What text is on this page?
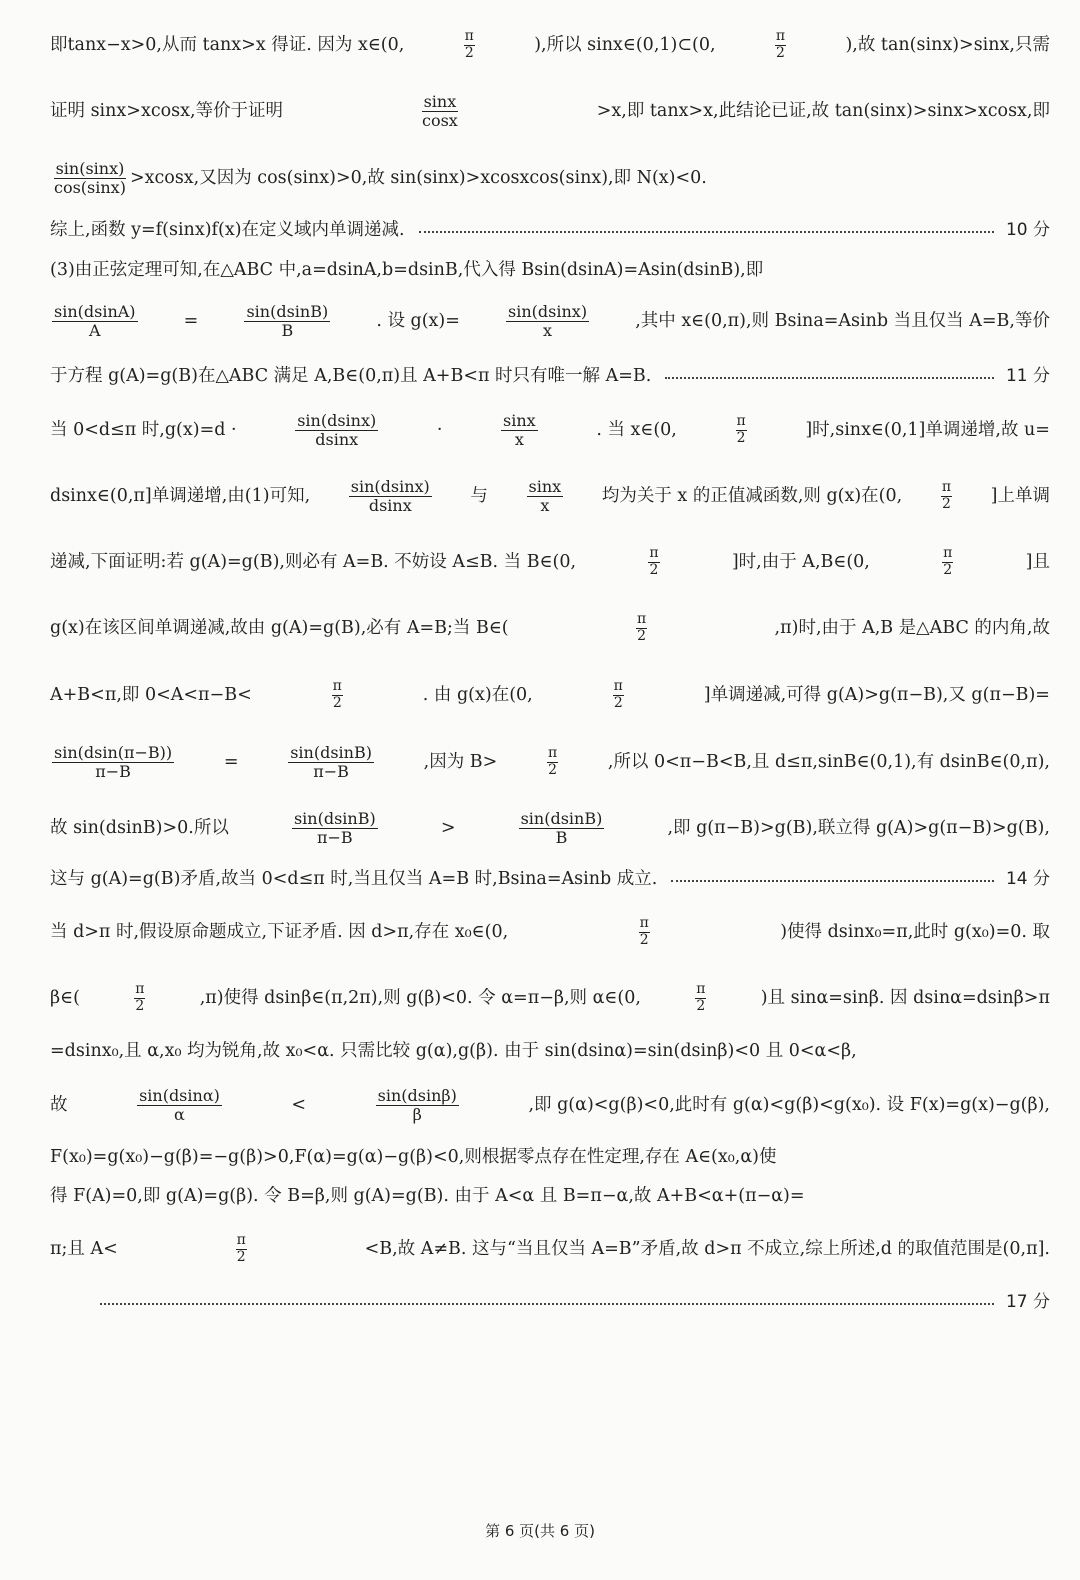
即tanx−x>0,从而 tanx>x 得证. 因为 x∈(0,	$\frac{\pi}{2}$	),所以 sinx∈(0,1)⊂(0,	$\frac{\pi}{2}$	),故 tan(sinx)>sinx,只需
证明 sinx>xcosx,等价于证明	$\frac{\sin x}{\cos x}$	>x,即 tanx>x,此结论已证,故 tan(sinx)>sinx>xcosx,即
$\frac{\sin(\sin x)}{\cos(\sin x)} >xcosx$,又因为 cos(sinx)>0,故 sin(sinx)>xcosxcos(sinx),即 N(x)<0.
综上,函数 y=f(sinx)f(x)在定义域内单调递减.	10 分
(3)由正弦定理可知,在△ABC 中,a=dsinA,b=dsinB,代入得 Bsin(dsinA)=Asin(dsinB),即
$\frac{\sin(dsinA)}{A}$	=	$\frac{\sin(dsinB)}{B}$	. 设 g(x)=	$\frac{\sin(dsinx)}{x}$	,其中 x∈(0,π),则 Bsina=Asinb 当且仅当 A=B,等价
于方程 g(A)=g(B)在△ABC 满足 A,B∈(0,π)且 A+B<π 时只有唯一解 A=B.	11 分
当 0<d≤π 时,g(x)=d ·	$\frac{\sin(dsinx)}{dsinx}$	·	$\frac{\sin x}{x}$	. 当 x∈(0,	$\frac{\pi}{2}$	]时,sinx∈(0,1]单调递增,故 u=
dsinx∈(0,π]单调递增,由(1)可知, $\frac{\sin(dsinx)}{dsinx}$ 与 $\frac{\sin x}{x}$ 均为关于 x 的正值减函数,则 g(x)在(0,	$\frac{\pi}{2}$ ]上单调
递减,下面证明:若 g(A)=g(B),则必有 A=B. 不妨设 A≤B. 当 B∈(0,	$\frac{\pi}{2}$	]时,由于 A,B∈(0,	$\frac{\pi}{2}$	]且
g(x)在该区间单调递减,故由 g(A)=g(B),必有 A=B;当 B∈(	$\frac{\pi}{2}$	,π)时,由于 A,B 是△ABC 的内角,故
A+B<π,即 0<A<π−B<	$\frac{\pi}{2}$	. 由 g(x)在(0,	$\frac{\pi}{2}$	]单调递减,可得 g(A)>g(π−B),又 g(π−B)=
$\frac{\sin(dsin(\pi-B))}{\pi-B}$	=	$\frac{\sin(dsinB)}{\pi-B}$	,因为 B>	$\frac{\pi}{2}$	,所以 0<π−B<B,且 d≤π,sinB∈(0,1),有 dsinB∈(0,π),
故 sin(dsinB)>0.所以	$\frac{\sin(dsinB)}{\pi-B}$	>	$\frac{\sin(dsinB)}{B}$	,即 g(π−B)>g(B),联立得 g(A)>g(π−B)>g(B),
这与 g(A)=g(B)矛盾,故当 0<d≤π 时,当且仅当 A=B 时,Bsina=Asinb 成立.	14 分
当 d>π 时,假设原命题成立,下证矛盾. 因 d>π,存在 x₀∈(0,	$\frac{\pi}{2}$	)使得 dsinx₀=π,此时 g(x₀)=0. 取
β∈(	$\frac{\pi}{2}$	,π)使得 dsinβ∈(π,2π),则 g(β)<0. 令 α=π−β,则 α∈(0,	$\frac{\pi}{2}$	)且 sinα=sinβ. 因 dsinα=dsinβ>π
=dsinx₀,且 α,x₀ 均为锐角,故 x₀<α. 只需比较 g(α),g(β). 由于 sin(dsinα)=sin(dsinβ)<0 且 0<α<β,
故	$\frac{\sin(dsin\alpha)}{\alpha}$	<	$\frac{\sin(dsin\beta)}{\beta}$	,即 g(α)<g(β)<0,此时有 g(α)<g(β)<g(x₀). 设 F(x)=g(x)−g(β),
F(x₀)=g(x₀)−g(β)=−g(β)>0,F(α)=g(α)−g(β)<0,则根据零点存在性定理,存在 A∈(x₀,α)使
得 F(A)=0,即 g(A)=g(β). 令 B=β,则 g(A)=g(B). 由于 A<α 且 B=π−α,故 A+B<α+(π−α)=
π;且 A<	$\frac{\pi}{2}$	<B,故 A≠B. 这与“当且仅当 A=B”矛盾,故 d>π 不成立,综上所述,d 的取值范围是(0,π].
17 分
第 6 页(共 6 页)
